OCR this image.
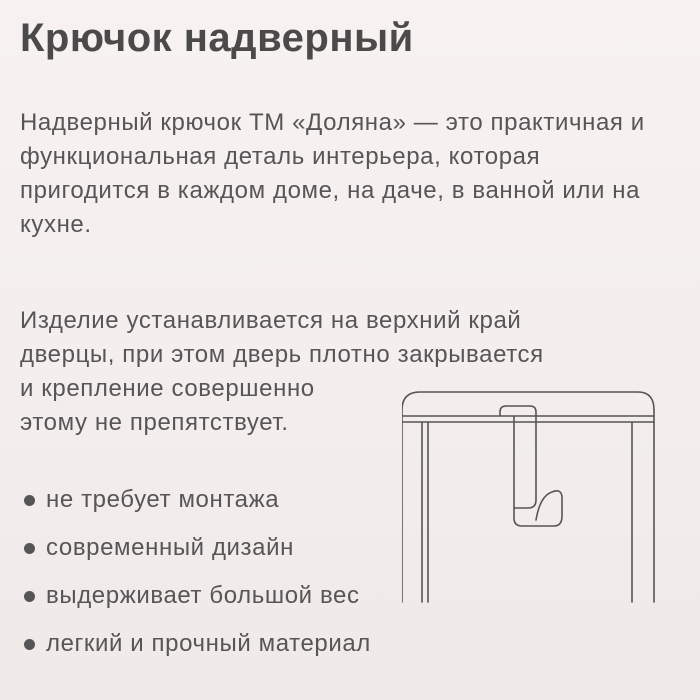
Крючок надверный

Надверный крючок ТМ «Доляна» — это практичная и функциональная деталь интерьера, которая пригодится в каждом доме, на даче, в ванной или на кухне.

Изделие устанавливается на верхний край
дверцы, при этом дверь плотно закрывается
и крепление совершенно
этому не препятствует.
не требует монтажа
современный дизайн
выдерживает большой вес
легкий и прочный материал
